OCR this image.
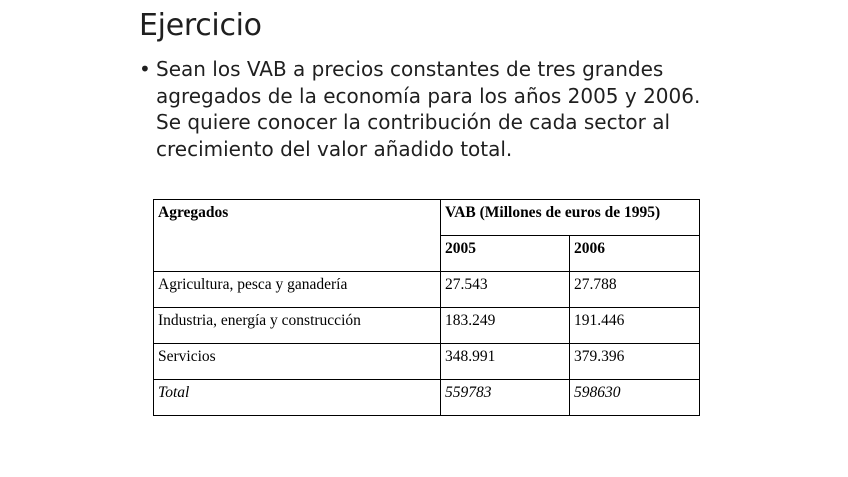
Ejercicio
• Sean los VAB a precios constantes de tres grandes
agregados de la economía para los años 2005 y 2006.
Se quiere conocer la contribución de cada sector al
crecimiento del valor añadido total.
Agregados	VAB (Millones de euros de 1995)	
	2005	2006
Agricultura, pesca y ganadería	27.543	27.788
Industria, energía y construcción	183.249	191.446
Servicios	348.991	379.396
Total	559783	598630
